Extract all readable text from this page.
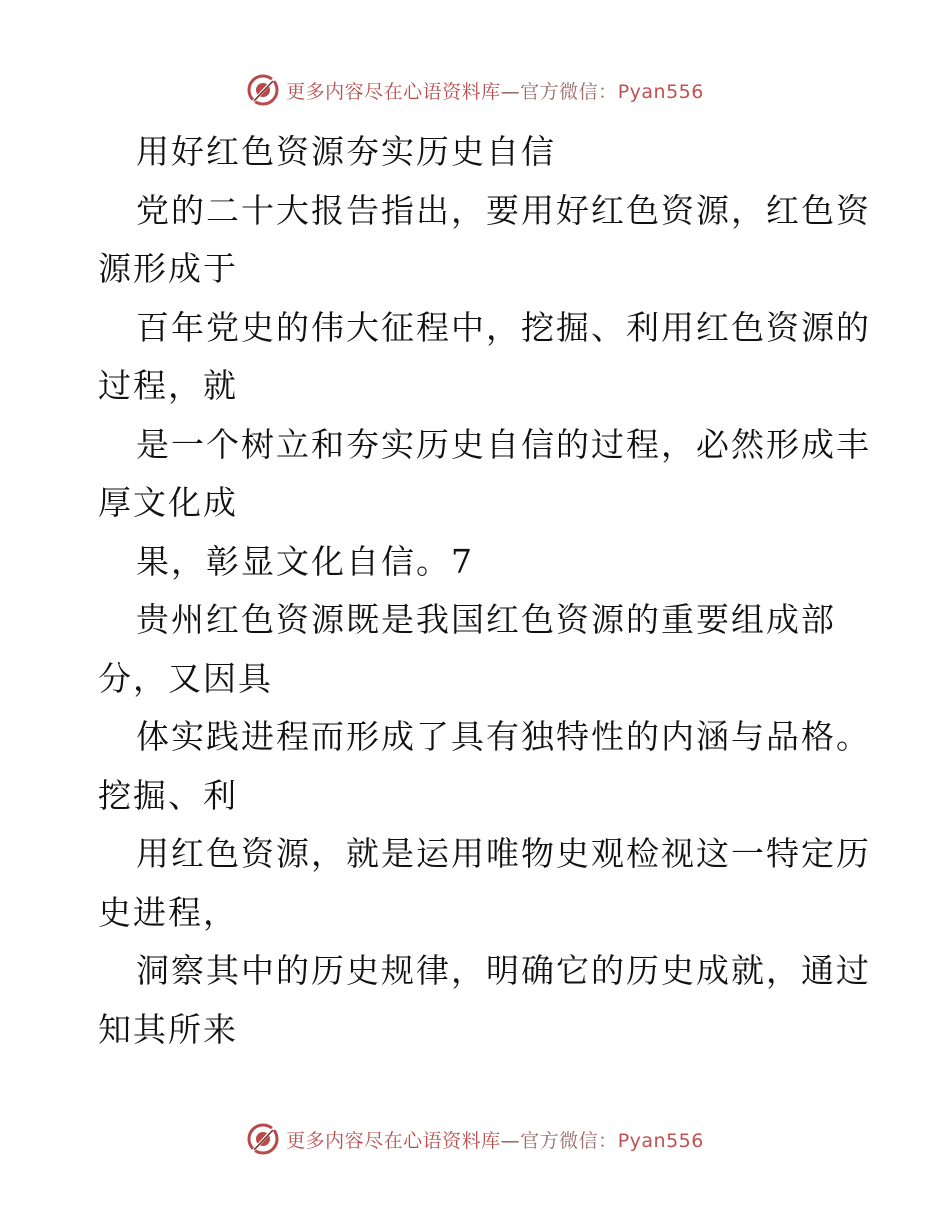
更多内容尽在心语资料库—官方微信：Pyan556
用好红色资源夯实历史自信
党的二十大报告指出，要用好红色资源，红色资
源形成于
百年党史的伟大征程中，挖掘、利用红色资源的
过程，就
是一个树立和夯实历史自信的过程，必然形成丰
厚文化成
果，彰显文化自信。7
贵州红色资源既是我国红色资源的重要组成部
分，又因具
体实践进程而形成了具有独特性的内涵与品格。
挖掘、利
用红色资源，就是运用唯物史观检视这一特定历
史进程，
洞察其中的历史规律，明确它的历史成就，通过
知其所来
更多内容尽在心语资料库—官方微信：Pyan556
